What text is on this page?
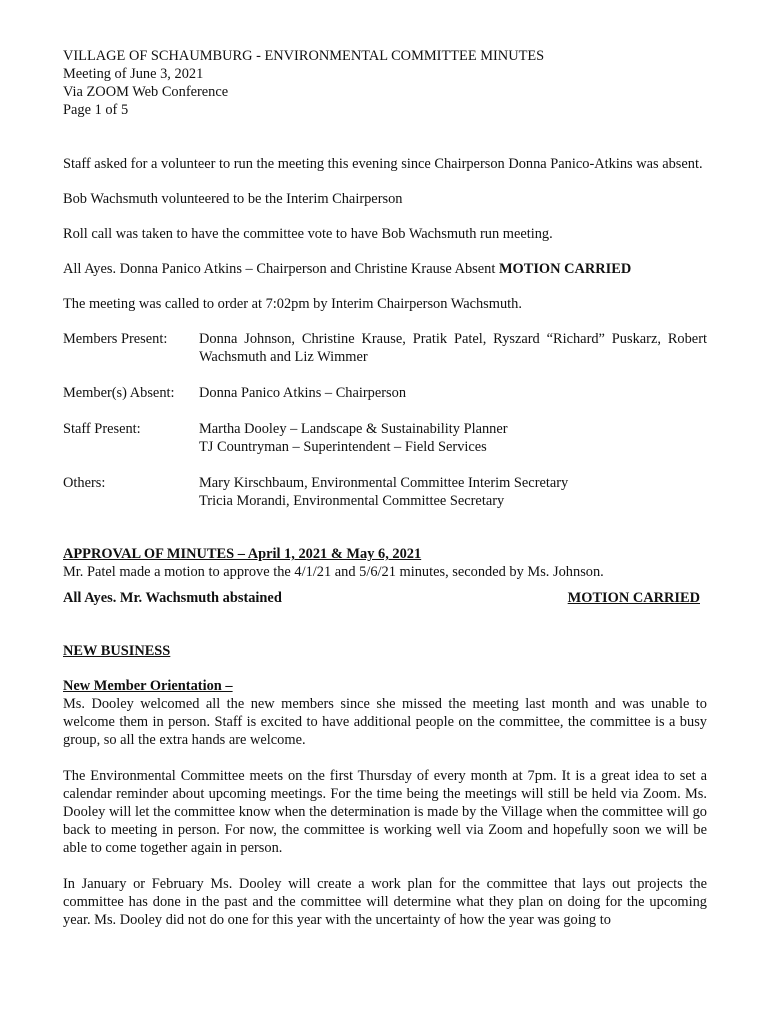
VILLAGE OF SCHAUMBURG - ENVIRONMENTAL COMMITTEE MINUTES
Meeting of June 3, 2021
Via ZOOM Web Conference
Page 1 of 5

Staff asked for a volunteer to run the meeting this evening since Chairperson Donna Panico-Atkins was absent.

Bob Wachsmuth volunteered to be the Interim Chairperson

Roll call was taken to have the committee vote to have Bob Wachsmuth run meeting.

All Ayes. Donna Panico Atkins – Chairperson and Christine Krause Absent MOTION CARRIED

The meeting was called to order at 7:02pm by Interim Chairperson Wachsmuth.

Members Present:	Donna Johnson, Christine Krause, Pratik Patel, Ryszard “Richard” Puskarz, Robert Wachsmuth and Liz Wimmer
Member(s) Absent:	Donna Panico Atkins – Chairperson
Staff Present:	Martha Dooley – Landscape & Sustainability Planner
TJ Countryman – Superintendent – Field Services
Others:	Mary Kirschbaum, Environmental Committee Interim Secretary
Tricia Morandi, Environmental Committee Secretary
APPROVAL OF MINUTES – April 1, 2021 & May 6, 2021
Mr. Patel made a motion to approve the 4/1/21 and 5/6/21 minutes, seconded by Ms. Johnson.
All Ayes. Mr. Wachsmuth abstained	MOTION CARRIED
NEW BUSINESS
New Member Orientation –

Ms. Dooley welcomed all the new members since she missed the meeting last month and was unable to welcome them in person. Staff is excited to have additional people on the committee, the committee is a busy group, so all the extra hands are welcome.

The Environmental Committee meets on the first Thursday of every month at 7pm. It is a great idea to set a calendar reminder about upcoming meetings. For the time being the meetings will still be held via Zoom. Ms. Dooley will let the committee know when the determination is made by the Village when the committee will go back to meeting in person. For now, the committee is working well via Zoom and hopefully soon we will be able to come together again in person.

In January or February Ms. Dooley will create a work plan for the committee that lays out projects the committee has done in the past and the committee will determine what they plan on doing for the upcoming year. Ms. Dooley did not do one for this year with the uncertainty of how the year was going to
